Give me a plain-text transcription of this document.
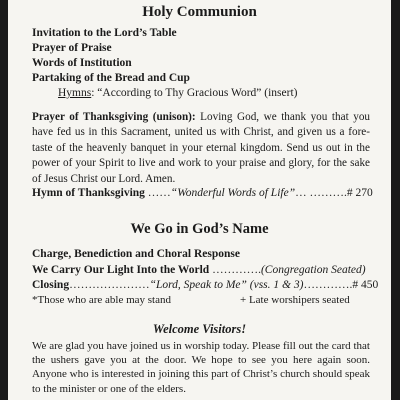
Holy Communion
Invitation to the Lord’s Table
Prayer of Praise
Words of Institution
Partaking of the Bread and Cup
Hymns: “According to Thy Gracious Word” (insert)
Prayer of Thanksgiving (unison): Loving God, we thank you that you have fed us in this Sacrament, united us with Christ, and given us a fore-taste of the heavenly banquet in your eternal kingdom. Send us out in the power of your Spirit to live and work to your praise and glory, for the sake of Jesus Christ our Lord. Amen.
Hymn of Thanksgiving ……“Wonderful Words of Life”… ……….# 270
We Go in God’s Name
Charge, Benediction and Choral Response
We Carry Our Light Into the World ………….(Congregation Seated)
Closing…………………“Lord, Speak to Me” (vss. 1 & 3)………….# 450
*Those who are able may stand	+ Late worshipers seated
Welcome Visitors!
We are glad you have joined us in worship today. Please fill out the card that the ushers gave you at the door. We hope to see you here again soon. Anyone who is interested in joining this part of Christ’s church should speak to the minister or one of the elders.
------------
